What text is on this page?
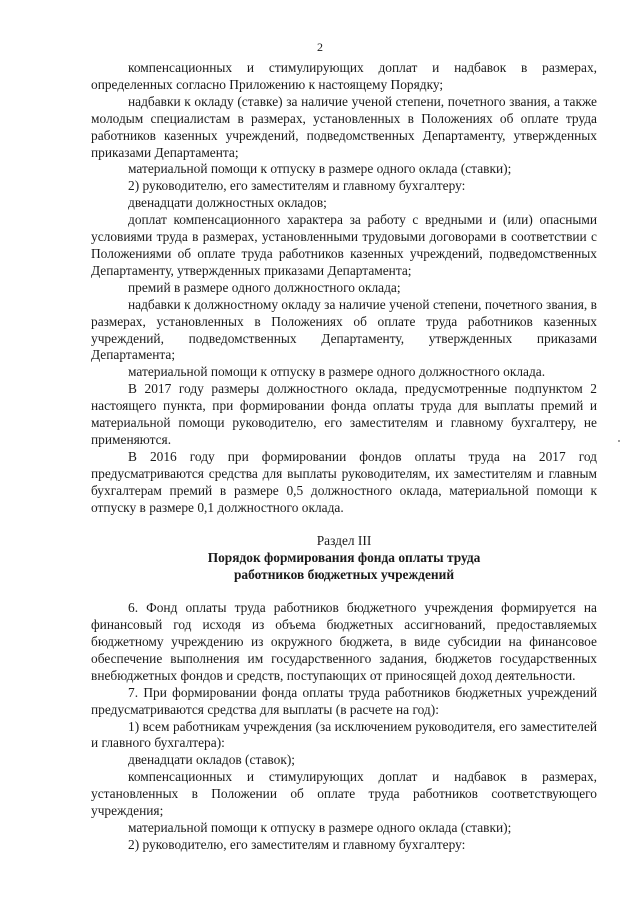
2

компенсационных и стимулирующих доплат и надбавок в размерах, определенных согласно Приложению к настоящему Порядку;

надбавки к окладу (ставке) за наличие ученой степени, почетного звания, а также молодым специалистам в размерах, установленных в Положениях об оплате труда работников казенных учреждений, подведомственных Департаменту, утвержденных приказами Департамента;

материальной помощи к отпуску в размере одного оклада (ставки);

2) руководителю, его заместителям и главному бухгалтеру:

двенадцати должностных окладов;

доплат компенсационного характера за работу с вредными и (или) опасными условиями труда в размерах, установленными трудовыми договорами в соответствии с Положениями об оплате труда работников казенных учреждений, подведомственных Департаменту, утвержденных приказами Департамента;

премий в размере одного должностного оклада;

надбавки к должностному окладу за наличие ученой степени, почетного звания, в размерах, установленных в Положениях об оплате труда работников казенных учреждений, подведомственных Департаменту, утвержденных приказами Департамента;

материальной помощи к отпуску в размере одного должностного оклада.

В 2017 году размеры должностного оклада, предусмотренные подпунктом 2 настоящего пункта, при формировании фонда оплаты труда для выплаты премий и материальной помощи руководителю, его заместителям и главному бухгалтеру, не применяются.

В 2016 году при формировании фондов оплаты труда на 2017 год предусматриваются средства для выплаты руководителям, их заместителям и главным бухгалтерам премий в размере 0,5 должностного оклада, материальной помощи к отпуску в размере 0,1 должностного оклада.

Раздел III

Порядок формирования фонда оплаты труда
работников бюджетных учреждений

6. Фонд оплаты труда работников бюджетного учреждения формируется на финансовый год исходя из объема бюджетных ассигнований, предоставляемых бюджетному учреждению из окружного бюджета, в виде субсидии на финансовое обеспечение выполнения им государственного задания, бюджетов государственных внебюджетных фондов и средств, поступающих от приносящей доход деятельности.

7. При формировании фонда оплаты труда работников бюджетных учреждений предусматриваются средства для выплаты (в расчете на год):

1) всем работникам учреждения (за исключением руководителя, его заместителей и главного бухгалтера):

двенадцати окладов (ставок);

компенсационных и стимулирующих доплат и надбавок в размерах, установленных в Положении об оплате труда работников соответствующего учреждения;

материальной помощи к отпуску в размере одного оклада (ставки);

2) руководителю, его заместителям и главному бухгалтеру:
